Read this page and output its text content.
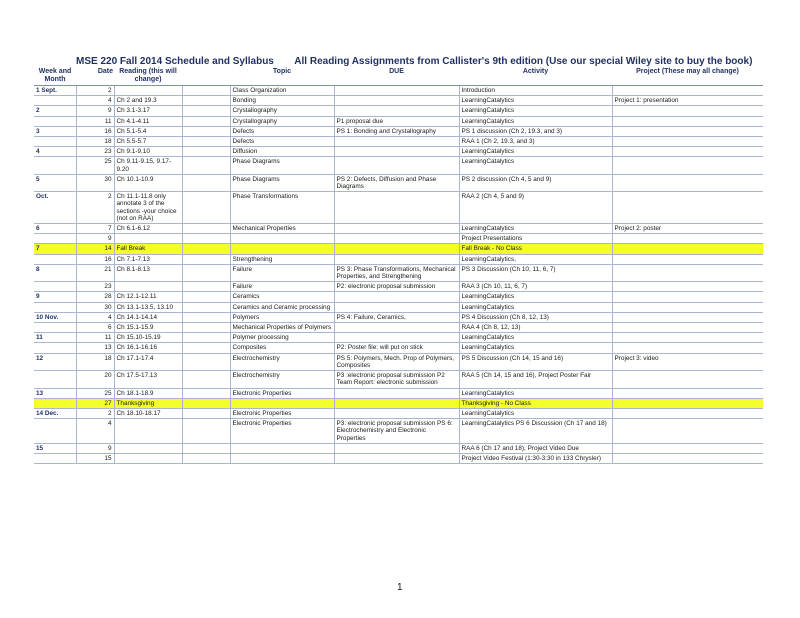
MSE 220 Fall 2014 Schedule and Syllabus All Reading Assignments from Callister's 9th edition (Use our special Wiley site to buy the book)
Week and Month	Date	Reading (this will change)		Topic	DUE	Activity	Project (These may all change)
1 Sept.	2			Class Organization		Introduction	
	4	Ch 2 and 19.3		Bonding		LearningCatalytics	Project 1: presentation
2	9	Ch 3.1-3.17		Crystallography		LearningCatalytics	
	11	Ch 4.1-4.11		Crystallography	P1 proposal due	LearningCatalytics	
3	16	Ch 5.1-5.4		Defects	PS 1: Bonding and Crystallography	PS 1 discussion (Ch 2, 19.3, and 3)	
	18	Ch 5.5-5.7		Defects		RAA 1 (Ch 2, 19.3, and 3)	
4	23	Ch 9.1-9.10		Diffusion		LearningCatalytics	
	25	Ch 9.11-9.15, 9.17-9.20		Phase Diagrams		LearningCatalytics	
5	30	Ch 10.1-10.9		Phase Diagrams	PS 2: Defects, Diffusion and Phase Diagrams	PS 2 discussion (Ch 4, 5 and 9)	
Oct.	2	Ch 11.1-11.8 only annotate 3 of the sections -your choice (not on RAA)		Phase Transformations		RAA 2 (Ch 4, 5 and 9)	
6	7	Ch 6.1-6.12		Mechanical Properties		LearningCatalytics	Project 2: poster
	9					Project Presentations	
7	14	Fall Break				Fall Break - No Class	
	16	Ch 7.1-7.13		Strengthening		LearningCatalytics,	
8	21	Ch 8.1-8.13		Failure	PS 3: Phase Transformations, Mechanical Properties, and Strengthening	PS 3 Discussion (Ch 10, 11, 6, 7)	
	23			Failure	P2: electronic proposal submission	RAA 3 (Ch 10, 11, 6, 7)	
9	28	Ch 12.1-12.11		Ceramics		LearningCatalytics	
	30	Ch 13.1-13.5, 13.10		Ceramics and Ceramic processing		LearningCatalytics	
10 Nov.	4	Ch 14.1-14.14		Polymers	PS 4: Failure, Ceramics,	PS 4 Discussion (Ch 8, 12, 13)	
	6	Ch 15.1-15.9		Mechanical Properties of Polymers		RAA 4 (Ch 8, 12, 13)	
11	11	Ch 15.10-15.19		Polymer processing		LearningCatalytics	
	13	Ch 16.1-16.16		Composites	P2: Poster file: will put on stick	LearningCatalytics	
12	18	Ch 17.1-17.4		Electrochemistry	PS 5: Polymers, Mech. Prop of Polymers, Composites	PS 5 Discussion (Ch 14, 15 and 16)	Project 3: video
	20	Ch 17.5-17.13		Electrochemistry	P3 :electronic proposal submission P2 Team Report: electronic submission	RAA 5 (Ch 14, 15 and 16), Project Poster Fair	
13	25	Ch 18.1-18.9		Electronic Properties		LearningCatalytics	
	27	Thanksgiving				Thanksgiving - No Class	
14 Dec.	2	Ch 18.10-18.17		Electronic Properties		LearningCatalytics	
	4			Electronic Properties	P3: electronic proposal submission PS 6: Electrochemistry and Electronic Properties	LearningCatalytics PS 6 Discussion (Ch 17 and 18)	
15	9					RAA 6 (Ch 17 and 18), Project Video Due	
	15					Project Video Festival (1:30-3:30 in 133 Chrysler)	
1
